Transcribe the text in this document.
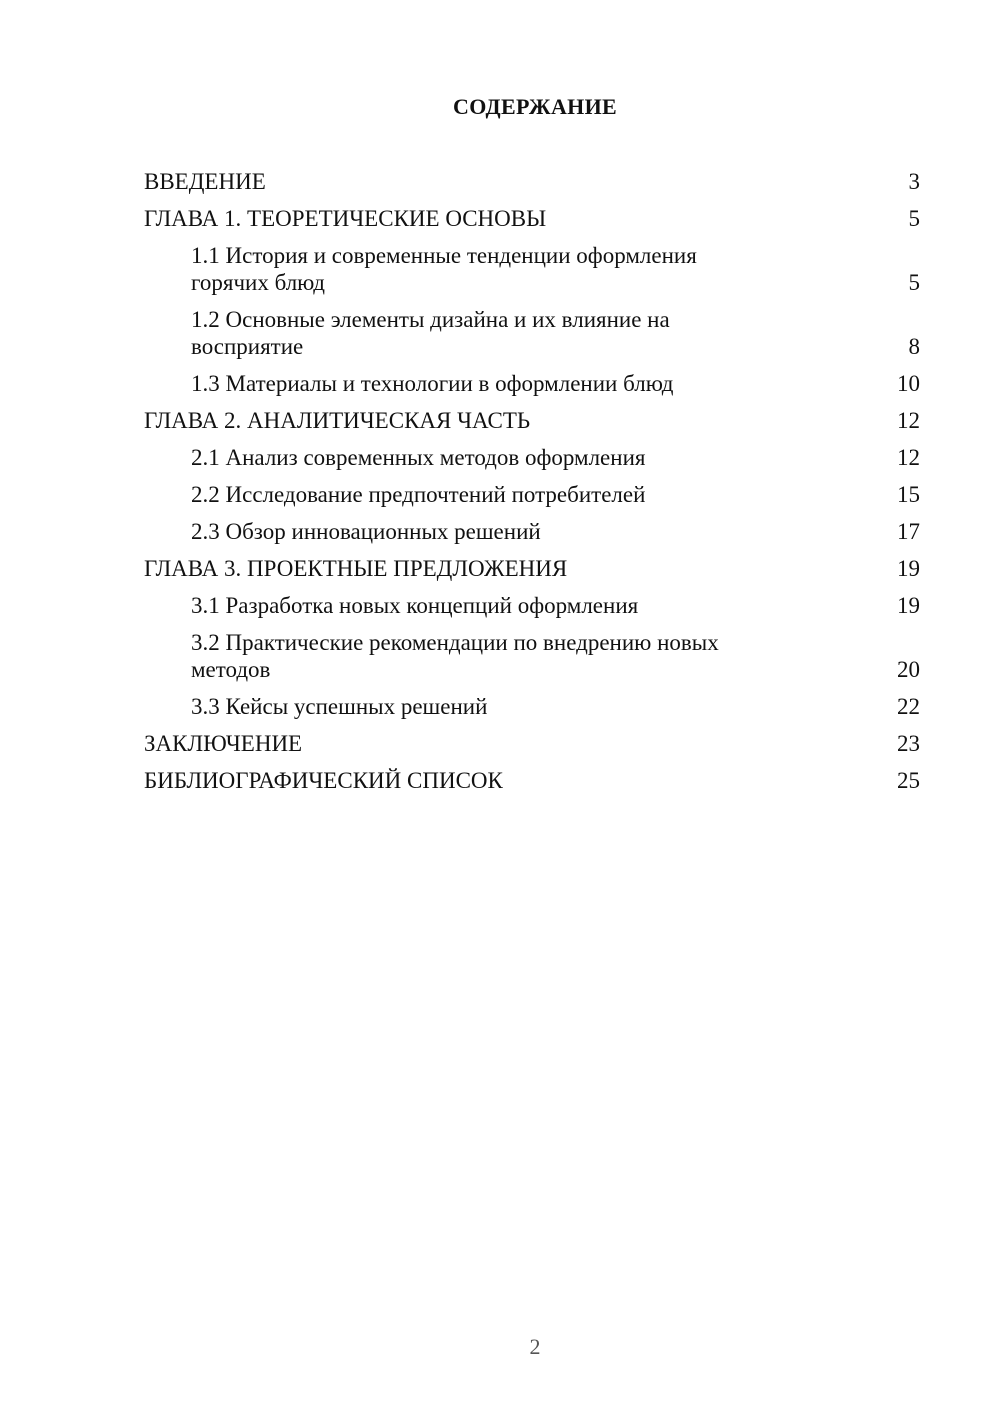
СОДЕРЖАНИЕ
ВВЕДЕНИЕ	3
ГЛАВА 1. ТЕОРЕТИЧЕСКИЕ ОСНОВЫ	5
1.1 История и современные тенденции оформления горячих блюд	5
1.2 Основные элементы дизайна и их влияние на восприятие	8
1.3 Материалы и технологии в оформлении блюд	10
ГЛАВА 2. АНАЛИТИЧЕСКАЯ ЧАСТЬ	12
2.1 Анализ современных методов оформления	12
2.2 Исследование предпочтений потребителей	15
2.3 Обзор инновационных решений	17
ГЛАВА 3. ПРОЕКТНЫЕ ПРЕДЛОЖЕНИЯ	19
3.1 Разработка новых концепций оформления	19
3.2 Практические рекомендации по внедрению новых методов	20
3.3 Кейсы успешных решений	22
ЗАКЛЮЧЕНИЕ	23
БИБЛИОГРАФИЧЕСКИЙ СПИСОК	25
2
